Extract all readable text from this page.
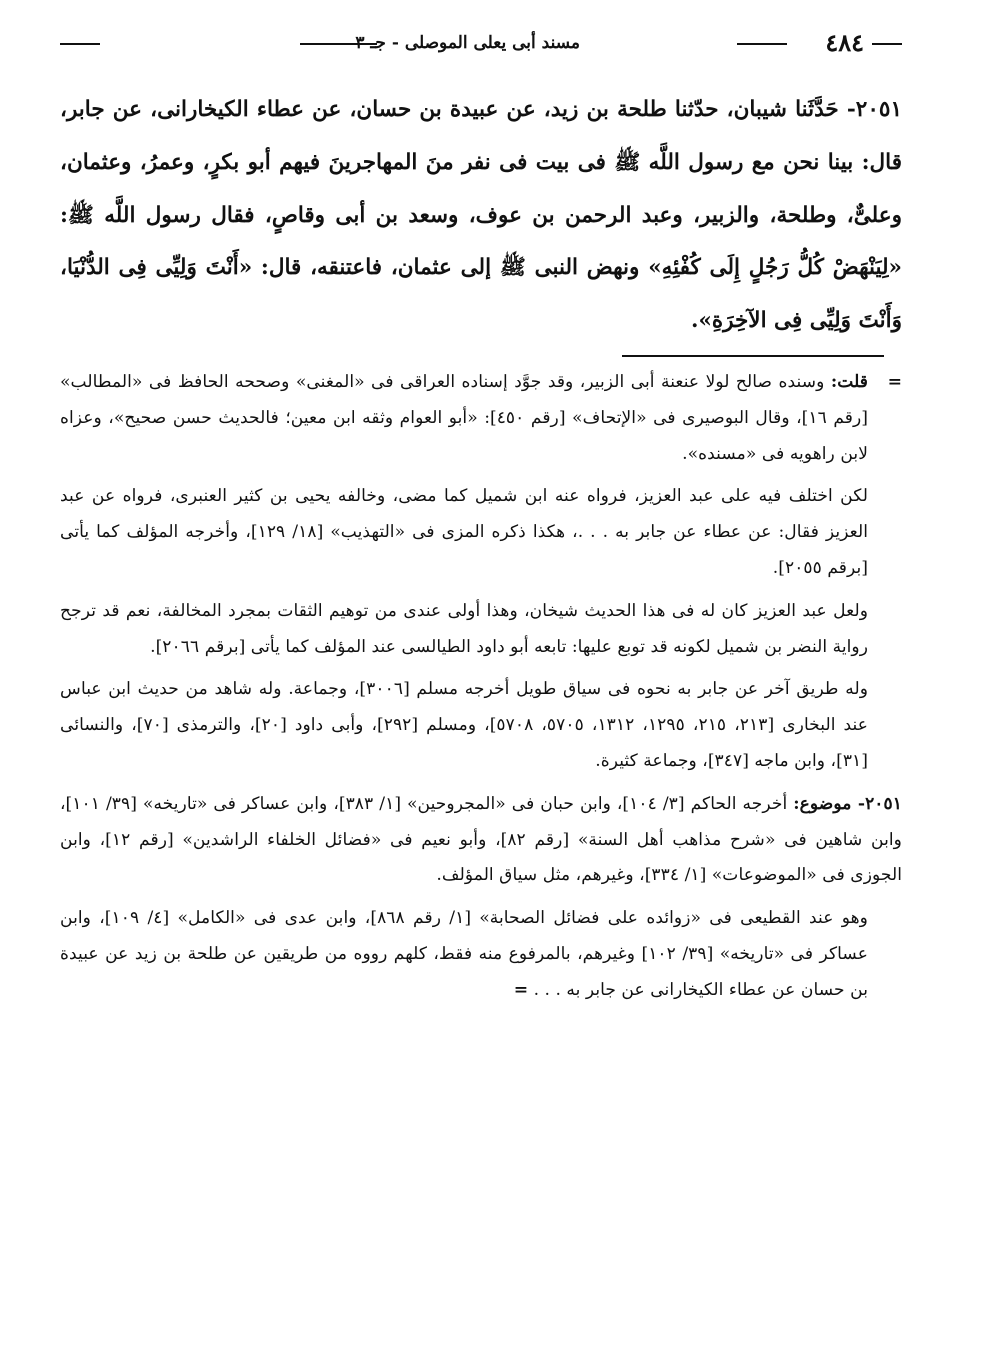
٤٨٤
مسند أبى يعلى الموصلى - جـ ٣
٢٠٥١- حَدَّثَنا شيبان، حدّثنا طلحة بن زيد، عن عبيدة بن حسان، عن عطاء الكيخارانى، عن جابر، قال: بينا نحن مع رسول اللَّه ﷺ فى بيت فى نفر منَ المهاجرينَ فيهم أبو بكرٍ، وعمرُ، وعثمان، وعلىٌّ، وطلحة، والزبير، وعبد الرحمن بن عوف، وسعد بن أبى وقاصٍ، فقال رسول اللَّه ﷺ: «لِيَنْهَضْ كُلُّ رَجُلٍ إِلَى كُفْئِهِ» ونهض النبى ﷺ إلى عثمان، فاعتنقه، قال: «أَنْتَ وَلِيِّى فِى الدُّنْيَا، وَأَنْتَ وَلِيِّى فِى الآخِرَةِ».

=
قلت: وسنده صالح لولا عنعنة أبى الزبير، وقد جوَّد إسناده العراقى فى «المغنى» وصححه الحافظ فى «المطالب» [رقم ١٦]، وقال البوصيرى فى «الإتحاف» [رقم ٤٥٠]: «أبو العوام وثقه ابن معين؛ فالحديث حسن صحيح»، وعزاه لابن راهويه فى «مسنده».

لكن اختلف فيه على عبد العزيز، فرواه عنه ابن شميل كما مضى، وخالفه يحيى بن كثير العنبرى، فرواه عن عبد العزيز فقال: عن عطاء عن جابر به . . .، هكذا ذكره المزى فى «التهذيب» [١٨/ ١٢٩]، وأخرجه المؤلف كما يأتى [برقم ٢٠٥٥].

ولعل عبد العزيز كان له فى هذا الحديث شيخان، وهذا أولى عندى من توهيم الثقات بمجرد المخالفة، نعم قد ترجح رواية النضر بن شميل لكونه قد توبع عليها: تابعه أبو داود الطيالسى عند المؤلف كما يأتى [برقم ٢٠٦٦].

وله طريق آخر عن جابر به نحوه فى سياق طويل أخرجه مسلم [٣٠٠٦]، وجماعة. وله شاهد من حديث ابن عباس عند البخارى [٢١٣، ٢١٥، ١٢٩٥، ١٣١٢، ٥٧٠٥، ٥٧٠٨]، ومسلم [٢٩٢]، وأبى داود [٢٠]، والترمذى [٧٠]، والنسائى [٣١]، وابن ماجه [٣٤٧]، وجماعة كثيرة.

٢٠٥١- موضوع: أخرجه الحاكم [٣/ ١٠٤]، وابن حبان فى «المجروحين» [١/ ٣٨٣]، وابن عساكر فى «تاريخه» [٣٩/ ١٠١]، وابن شاهين فى «شرح مذاهب أهل السنة» [رقم ٨٢]، وأبو نعيم فى «فضائل الخلفاء الراشدين» [رقم ١٢]، وابن الجوزى فى «الموضوعات» [١/ ٣٣٤]، وغيرهم، مثل سياق المؤلف.

وهو عند القطيعى فى «زوائده على فضائل الصحابة» [١/ رقم ٨٦٨]، وابن عدى فى «الكامل» [٤/ ١٠٩]، وابن عساكر فى «تاريخه» [٣٩/ ١٠٢] وغيرهم، بالمرفوع منه فقط، كلهم رووه من طريقين عن طلحة بن زيد عن عبيدة بن حسان عن عطاء الكيخارانى عن جابر به . . . =
